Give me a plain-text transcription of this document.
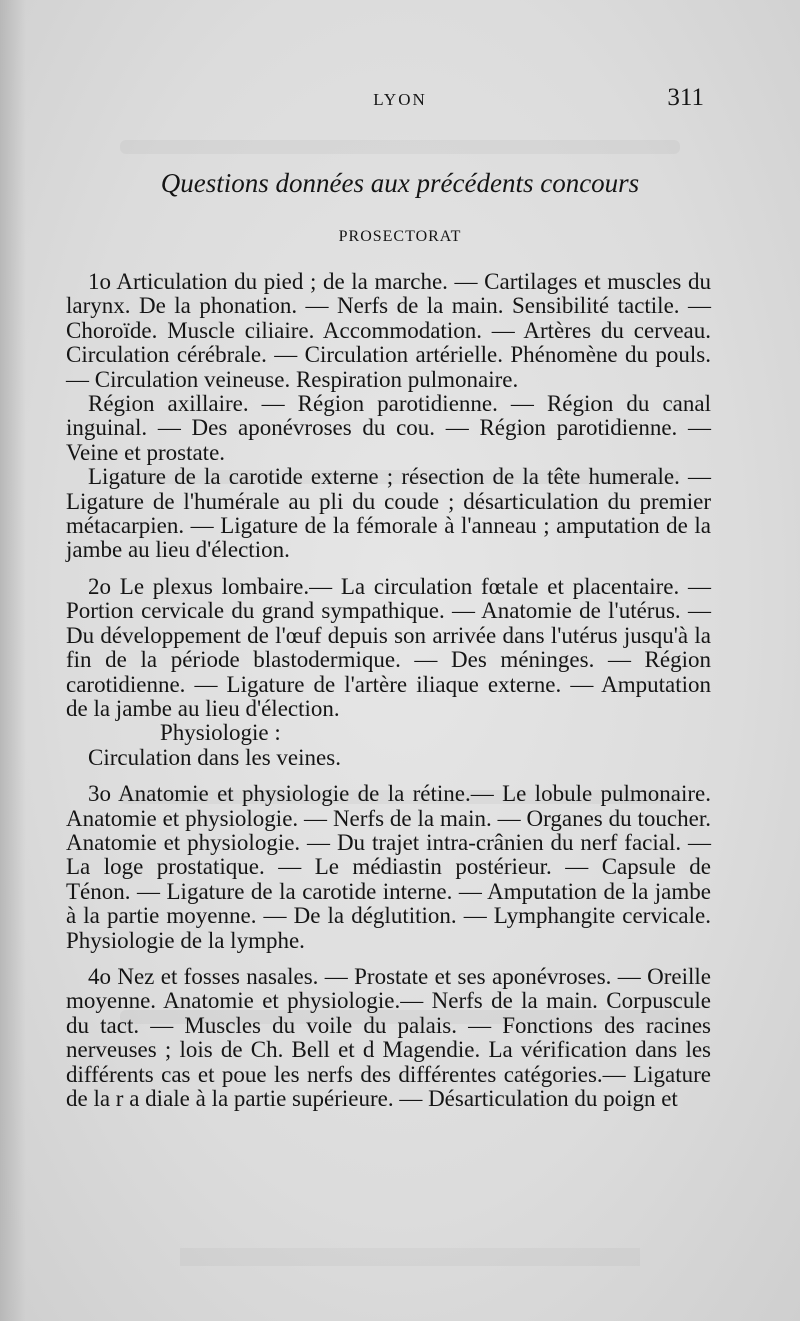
LYON	311
Questions données aux précédents concours
PROSECTORAT

1o Articulation du pied ; de la marche. — Cartilages et muscles du larynx. De la phonation. — Nerfs de la main. Sensibilité tactile. — Choroïde. Muscle ciliaire. Accommodation. — Artères du cerveau. Circulation cérébrale. — Circulation artérielle. Phénomène du pouls. — Circulation veineuse. Respiration pulmonaire.

Région axillaire. — Région parotidienne. — Région du canal inguinal. — Des aponévroses du cou. — Région parotidienne. — Veine et prostate.

Ligature de la carotide externe ; résection de la tête humerale. — Ligature de l'humérale au pli du coude ; désarticulation du premier métacarpien. — Ligature de la fémorale à l'anneau ; amputation de la jambe au lieu d'élection.

2o Le plexus lombaire.— La circulation fœtale et placentaire. — Portion cervicale du grand sympathique. — Anatomie de l'utérus. — Du développement de l'œuf depuis son arrivée dans l'utérus jusqu'à la fin de la période blastodermique. — Des méninges. — Région carotidienne. — Ligature de l'artère iliaque externe. — Amputation de la jambe au lieu d'élection.

Physiologie :

Circulation dans les veines.

3o Anatomie et physiologie de la rétine.— Le lobule pulmonaire. Anatomie et physiologie. — Nerfs de la main. — Organes du toucher. Anatomie et physiologie. — Du trajet intra-crânien du nerf facial. — La loge prostatique. — Le médiastin postérieur. — Capsule de Ténon. — Ligature de la carotide interne. — Amputation de la jambe à la partie moyenne. — De la déglutition. — Lymphangite cervicale. Physiologie de la lymphe.

4o Nez et fosses nasales. — Prostate et ses aponévroses. — Oreille moyenne. Anatomie et physiologie.— Nerfs de la main. Corpuscule du tact. — Muscles du voile du palais. — Fonctions des racines nerveuses ; lois de Ch. Bell et d Magendie. La vérification dans les différents cas et poue les nerfs des différentes catégories.— Ligature de la r a diale à la partie supérieure. — Désarticulation du poign et
